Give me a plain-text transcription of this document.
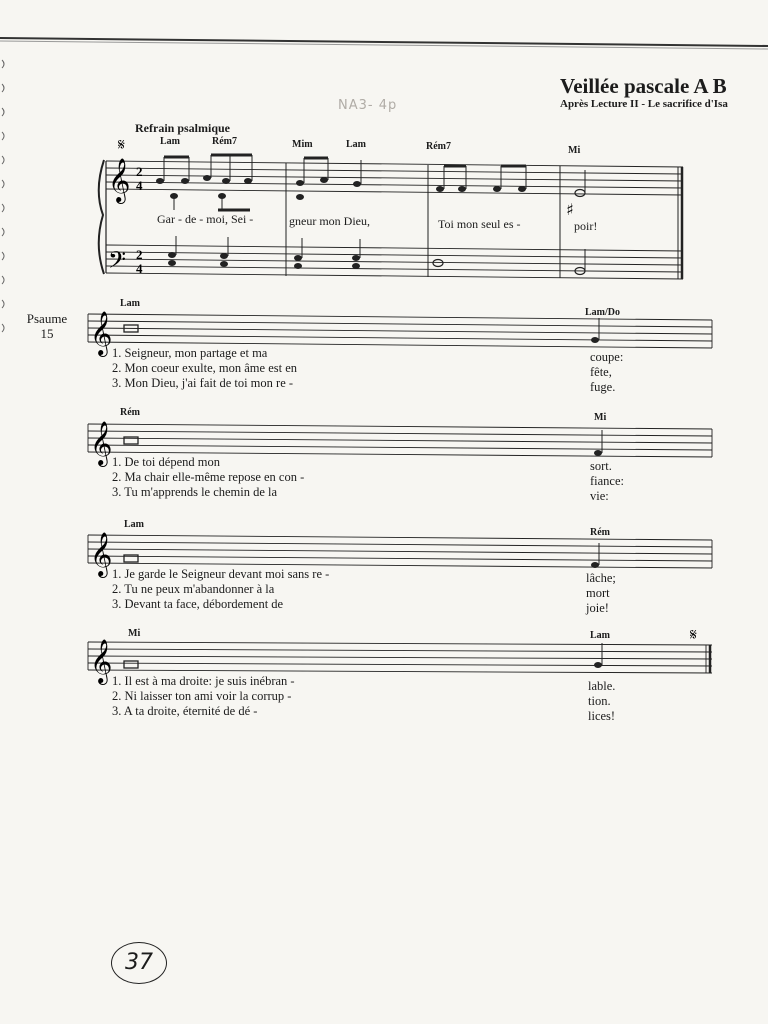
Veillée pascale A B
Après Lecture II - Le sacrifice d'Isa
NA3- 4p
Refrain psalmique
Lam	Rém7	Mim	Lam	Rém7	Mi
Gar - de - moi, Sei -	gneur mon Dieu,	Toi mon seul es -	poir!
Psaume
15
Lam
Lam/Do
1. Seigneur, mon partage et ma
2. Mon coeur exulte, mon âme est en
3. Mon Dieu, j'ai fait de toi mon re -
coupe:
fête,
fuge.
Rém	Mi
1. De toi dépend mon
2. Ma chair elle-même repose en con -
3. Tu m'apprends le chemin de la
sort.
fiance:
vie:
Lam
Rém
1. Je garde le Seigneur devant moi sans re -
2. Tu ne peux m'abandonner à la
3. Devant ta face, débordement de
lâche;
mort
joie!
Mi	Lam
1. Il est à ma droite: je suis inébran -
2. Ni laisser ton ami voir la corrup -
3. A ta droite, éternité de dé -
lable.
tion.
lices!
37
𝄞
𝄢
2
4
2
4
𝄋
♯
𝄞
𝄞
𝄞
𝄞
𝄋
